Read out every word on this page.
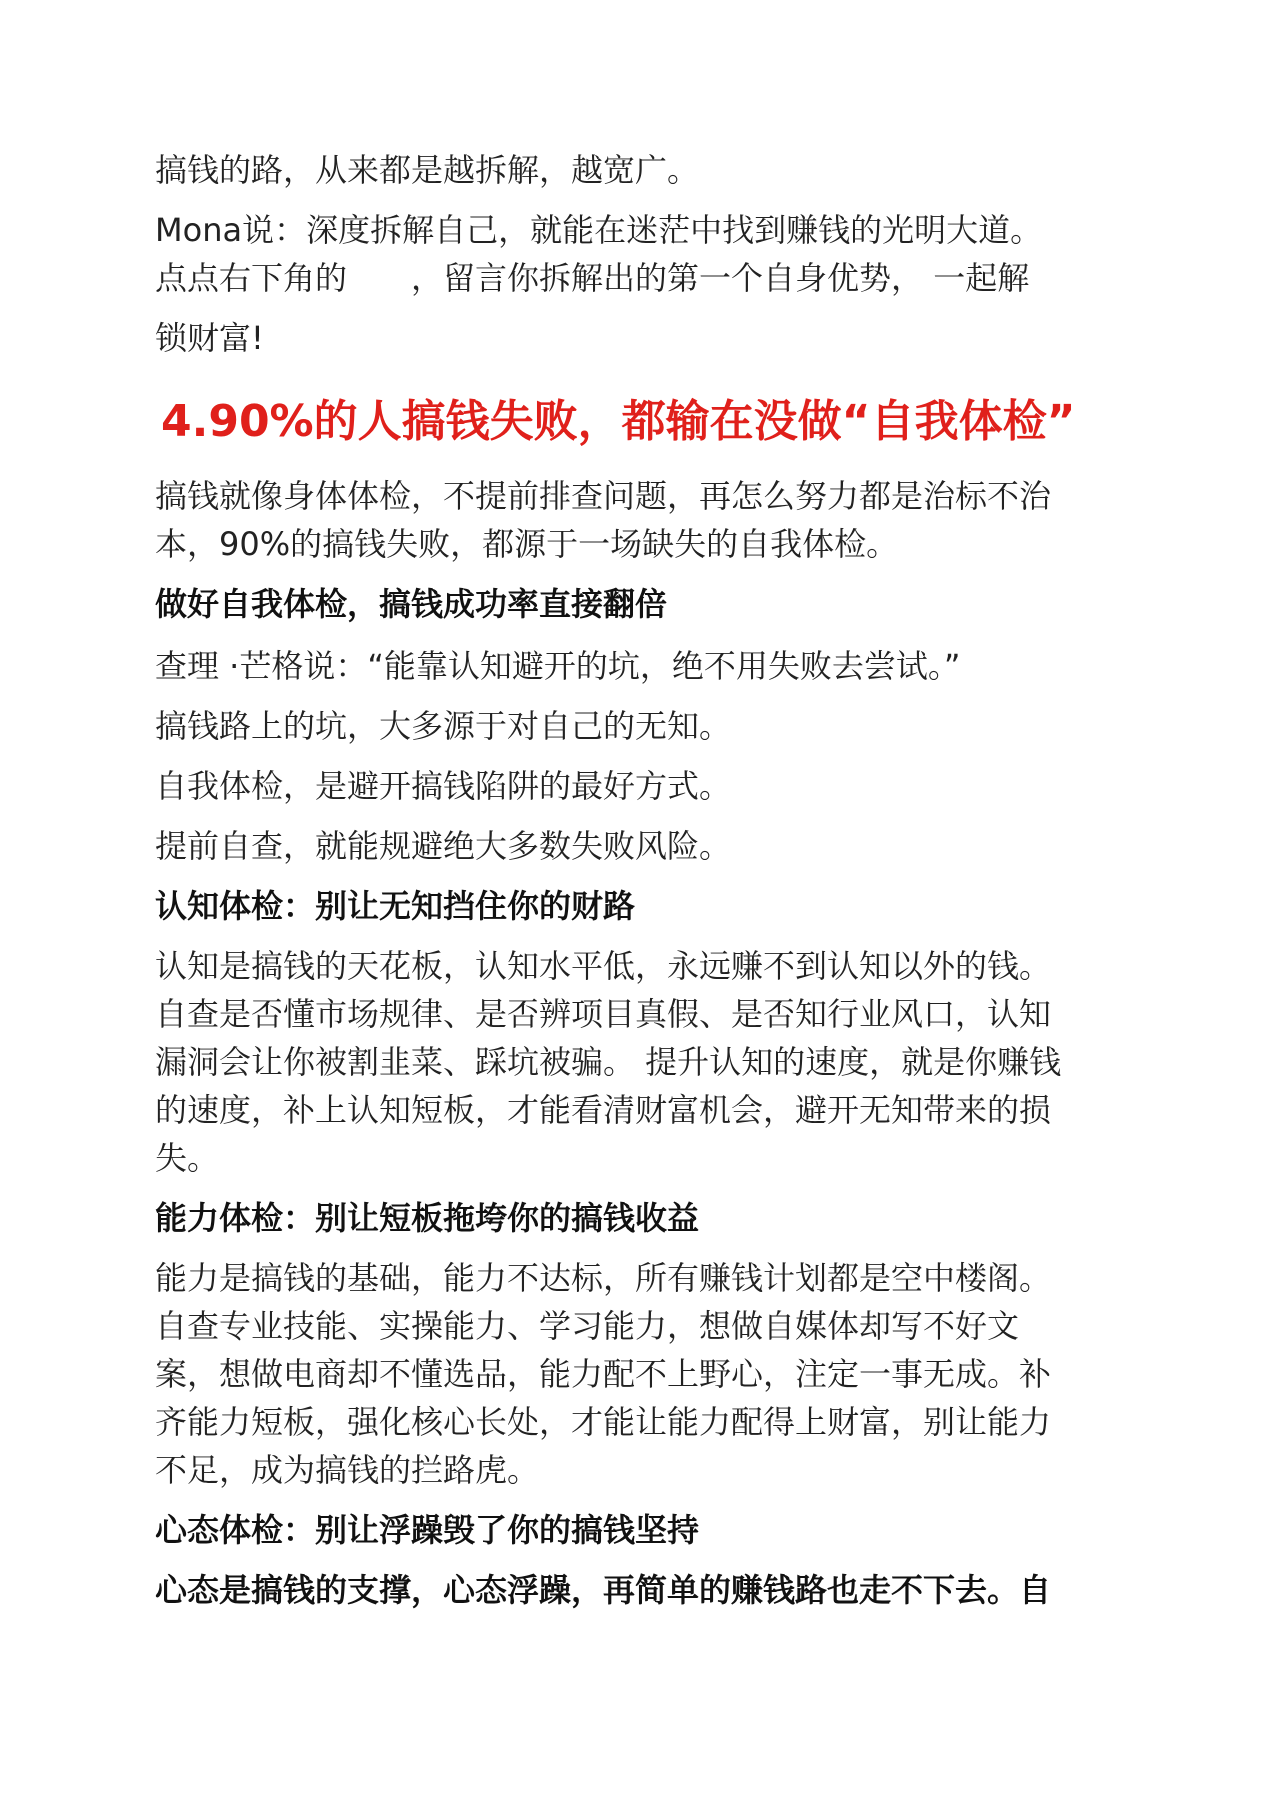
搞钱的路，从来都是越拆解，越宽广。

Mona说：深度拆解自己，就能在迷茫中找到赚钱的光明大道。

点点右下角的 ，留言你拆解出的第一个自身优势， 一起解

锁财富!

4.90%的人搞钱失败，都输在没做“自我体检”

搞钱就像身体体检，不提前排查问题，再怎么努力都是治标不治

本，90%的搞钱失败，都源于一场缺失的自我体检。

做好自我体检，搞钱成功率直接翻倍

查理 ·芒格说：“能靠认知避开的坑，绝不用失败去尝试。”

搞钱路上的坑，大多源于对自己的无知。

自我体检，是避开搞钱陷阱的最好方式。

提前自查，就能规避绝大多数失败风险。

认知体检：别让无知挡住你的财路

认知是搞钱的天花板，认知水平低，永远赚不到认知以外的钱。

自查是否懂市场规律、是否辨项目真假、是否知行业风口，认知

漏洞会让你被割韭菜、踩坑被骗。 提升认知的速度，就是你赚钱

的速度，补上认知短板，才能看清财富机会，避开无知带来的损

失。

能力体检：别让短板拖垮你的搞钱收益

能力是搞钱的基础，能力不达标，所有赚钱计划都是空中楼阁。

自查专业技能、实操能力、学习能力，想做自媒体却写不好文

案，想做电商却不懂选品，能力配不上野心，注定一事无成。补

齐能力短板，强化核心长处，才能让能力配得上财富，别让能力

不足，成为搞钱的拦路虎。

心态体检：别让浮躁毁了你的搞钱坚持

心态是搞钱的支撑，心态浮躁，再简单的赚钱路也走不下去。自
